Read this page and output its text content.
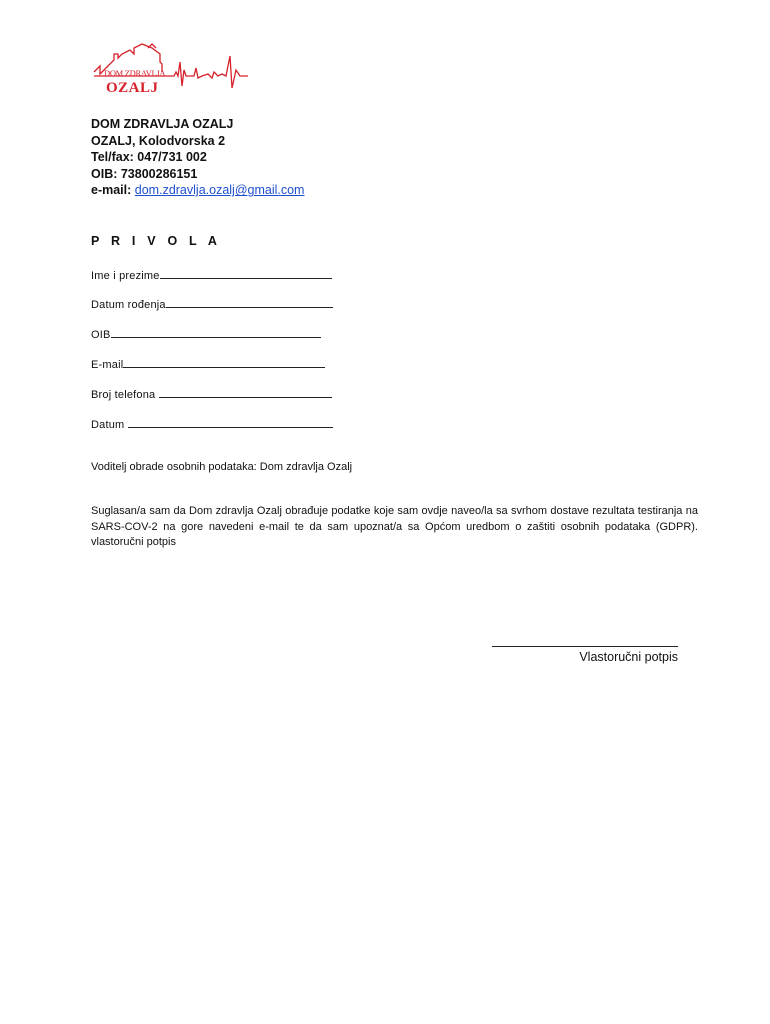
DOM ZDRAVLJA
OZALJ
DOM ZDRAVLJA OZALJ
OZALJ, Kolodvorska 2
Tel/fax: 047/731 002
OIB: 73800286151
e-mail: dom.zdravlja.ozalj@gmail.com
P R I V O L A
Ime i prezime
Datum rođenja
OIB
E-mail
Broj telefona
Datum
Voditelj obrade osobnih podataka: Dom zdravlja Ozalj
Suglasan/a sam da Dom zdravlja Ozalj obrađuje podatke koje sam ovdje naveo/la sa svrhom dostave rezultata testiranja na SARS-COV-2 na gore navedeni e-mail te da sam upoznat/a sa Općom uredbom o zaštiti osobnih podataka (GDPR). vlastoručni potpis
Vlastoručni potpis
